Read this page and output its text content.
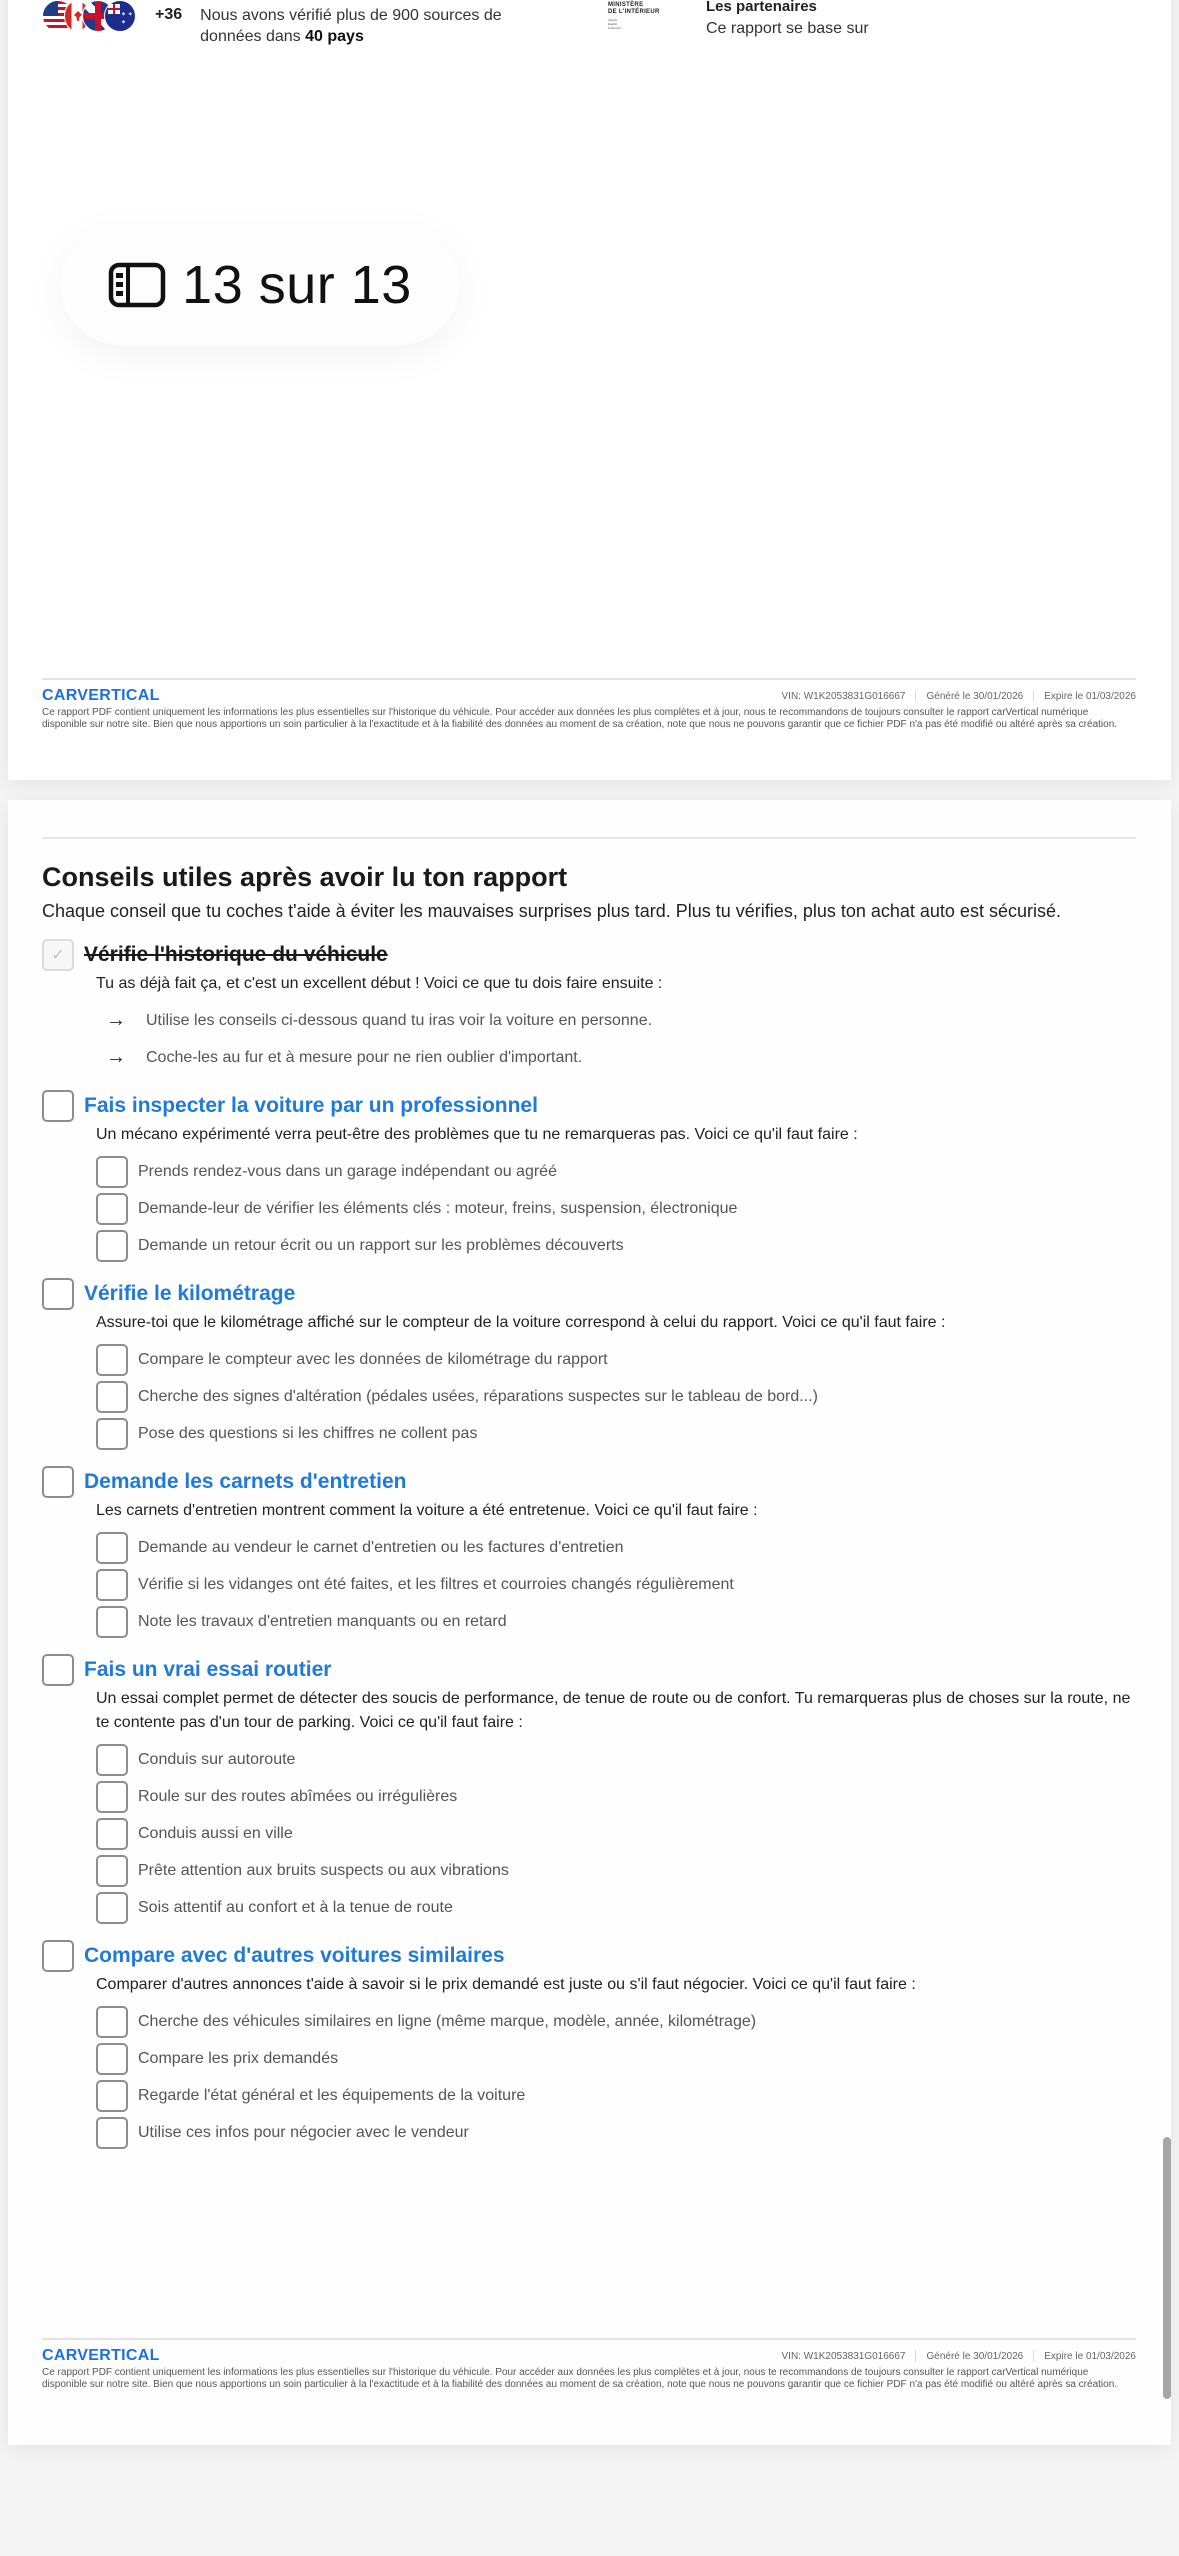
✦ ✦ ✦
+36 Nous avons vérifié plus de 900 sources de données dans 40 pays
MINISTÈRE
DE L'INTÉRIEUR
Liberté
Égalité
Fraternité
Les partenaires
Ce rapport se base sur
CARVERTICAL	VIN:
W1K2053831G016667 Généré le
30/01/2026 Expire le
01/03/2026
Ce rapport PDF contient uniquement les informations les plus essentielles sur l'historique du véhicule. Pour accéder aux données les plus complètes et à jour, nous te recommandons de toujours consulter le rapport carVertical numérique disponible sur notre site. Bien que nous apportions un soin particulier à la l'exactitude et à la fiabilité des données au moment de sa création, note que nous ne pouvons garantir que ce fichier PDF n'a pas été modifié ou altéré après sa création.
13 sur 13
Conseils utiles après avoir lu ton rapport

Chaque conseil que tu coches t'aide à éviter les mauvaises surprises plus tard. Plus tu vérifies, plus ton achat auto est sécurisé.

✓ Vérifie l'historique du véhicule
Tu as déjà fait ça, et c'est un excellent début ! Voici ce que tu dois faire ensuite :
→	Utilise les conseils ci-dessous quand tu iras voir la voiture en personne.
→	Coche-les au fur et à mesure pour ne rien oublier d'important.
Fais inspecter la voiture par un professionnel
Un mécano expérimenté verra peut-être des problèmes que tu ne remarqueras pas. Voici ce qu'il faut faire :
Prends rendez-vous dans un garage indépendant ou agréé
Demande-leur de vérifier les éléments clés : moteur, freins, suspension, électronique
Demande un retour écrit ou un rapport sur les problèmes découverts
Vérifie le kilométrage
Assure-toi que le kilométrage affiché sur le compteur de la voiture correspond à celui du rapport. Voici ce qu'il faut faire :
Compare le compteur avec les données de kilométrage du rapport
Cherche des signes d'altération (pédales usées, réparations suspectes sur le tableau de bord...)
Pose des questions si les chiffres ne collent pas
Demande les carnets d'entretien
Les carnets d'entretien montrent comment la voiture a été entretenue. Voici ce qu'il faut faire :
Demande au vendeur le carnet d'entretien ou les factures d'entretien
Vérifie si les vidanges ont été faites, et les filtres et courroies changés régulièrement
Note les travaux d'entretien manquants ou en retard
Fais un vrai essai routier
Un essai complet permet de détecter des soucis de performance, de tenue de route ou de confort. Tu remarqueras plus de choses sur la route, ne te contente pas d'un tour de parking. Voici ce qu'il faut faire :
Conduis sur autoroute
Roule sur des routes abîmées ou irrégulières
Conduis aussi en ville
Prête attention aux bruits suspects ou aux vibrations
Sois attentif au confort et à la tenue de route
Compare avec d'autres voitures similaires
Comparer d'autres annonces t'aide à savoir si le prix demandé est juste ou s'il faut négocier. Voici ce qu'il faut faire :
Cherche des véhicules similaires en ligne (même marque, modèle, année, kilométrage)
Compare les prix demandés
Regarde l'état général et les équipements de la voiture
Utilise ces infos pour négocier avec le vendeur
CARVERTICAL	VIN:
W1K2053831G016667 Généré le
30/01/2026 Expire le
01/03/2026
Ce rapport PDF contient uniquement les informations les plus essentielles sur l'historique du véhicule. Pour accéder aux données les plus complètes et à jour, nous te recommandons de toujours consulter le rapport carVertical numérique disponible sur notre site. Bien que nous apportions un soin particulier à la l'exactitude et à la fiabilité des données au moment de sa création, note que nous ne pouvons garantir que ce fichier PDF n'a pas été modifié ou altéré après sa création.
